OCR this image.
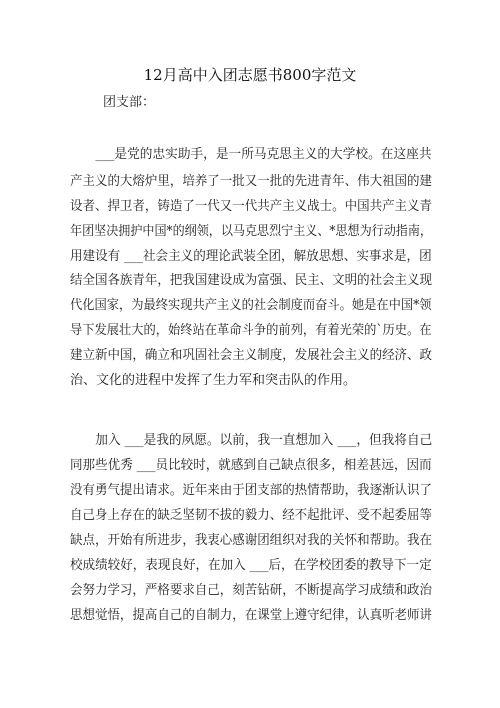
12月高中入团志愿书800字范文
团支部：
　　___是党的忠实助手，是一所马克思主义的大学校。在这座共
产主义的大熔炉里，培养了一批又一批的先进青年、伟大祖国的建
设者、捍卫者，铸造了一代又一代共产主义战士。中国共产主义青
年团坚决拥护中国*的纲领，以马克思烈宁主义、*思想为行动指南，
用建设有 ___社会主义的理论武装全团，解放思想、实事求是，团
结全国各族青年，把我国建设成为富强、民主、文明的社会主义现
代化国家，为最终实现共产主义的社会制度而奋斗。她是在中国*领
导下发展壮大的，始终站在革命斗争的前列，有着光荣的`历史。在
建立新中国，确立和巩固社会主义制度，发展社会主义的经济、政
治、文化的进程中发挥了生力军和突击队的作用。
　　加入 ___是我的夙愿。以前，我一直想加入 ___，但我将自己
同那些优秀 ___员比较时，就感到自己缺点很多，相差甚远，因而
没有勇气提出请求。近年来由于团支部的热情帮助，我逐渐认识了
自己身上存在的缺乏坚韧不拔的毅力、经不起批评、受不起委屈等
缺点，开始有所进步，我衷心感谢团组织对我的关怀和帮助。我在
校成绩较好，表现良好，在加入 ___后，在学校团委的教导下一定
会努力学习，严格要求自己，刻苦钻研，不断提高学习成绩和政治
思想觉悟，提高自己的自制力，在课堂上遵守纪律，认真听老师讲
